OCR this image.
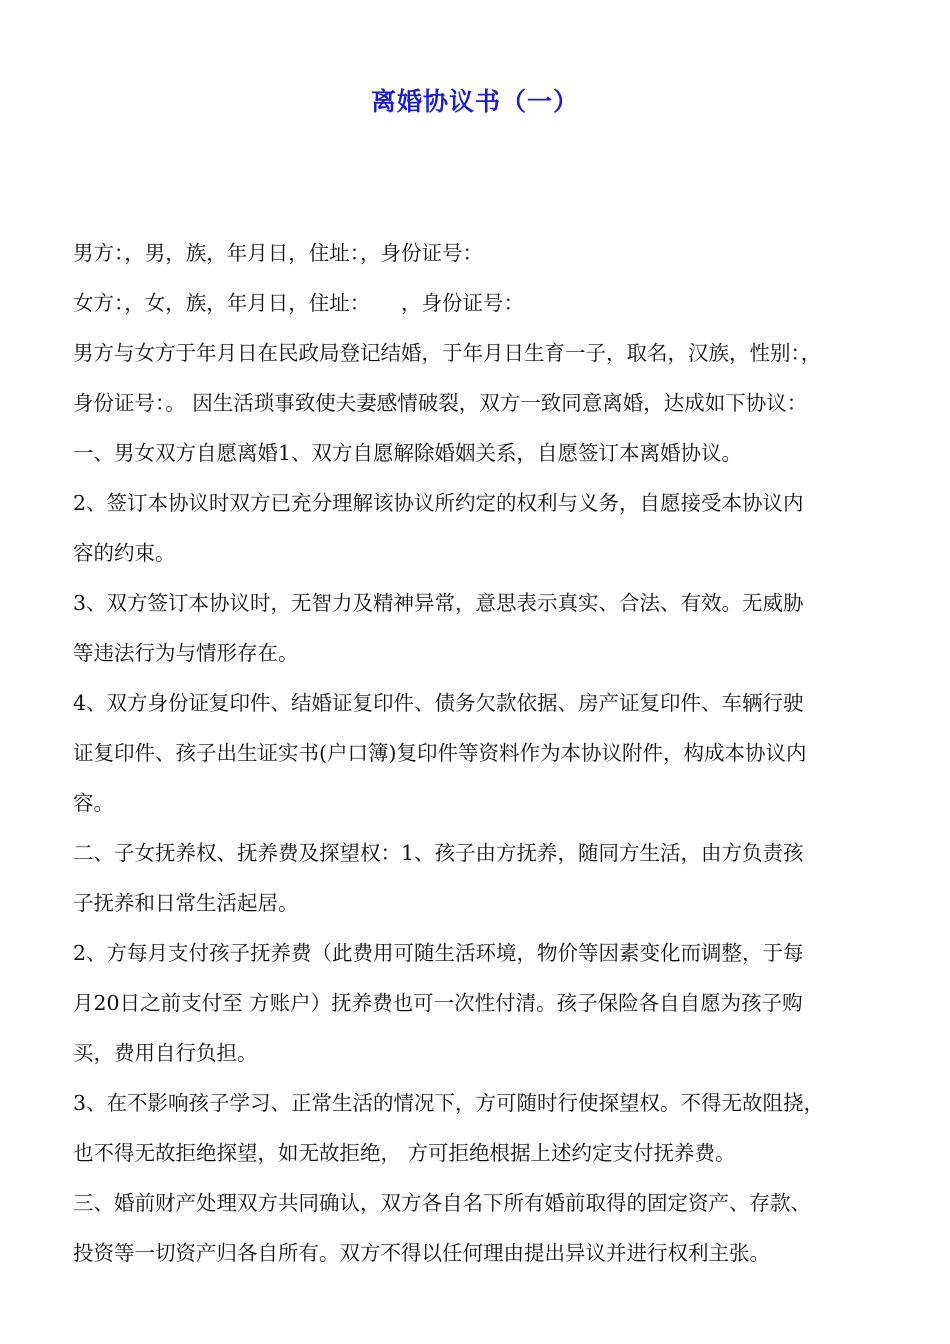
离婚协议书（一）

男方：，男，族，年月日，住址：，身份证号：

女方：，女，族，年月日，住址：　　，身份证号：

男方与女方于年月日在民政局登记结婚，于年月日生育一子，取名，汉族，性别：，

身份证号：。 因生活琐事致使夫妻感情破裂，双方一致同意离婚，达成如下协议：

一、男女双方自愿离婚1、双方自愿解除婚姻关系，自愿签订本离婚协议。

2、签订本协议时双方已充分理解该协议所约定的权利与义务，自愿接受本协议内

容的约束。

3、双方签订本协议时，无智力及精神异常，意思表示真实、合法、有效。无威胁

等违法行为与情形存在。

4、双方身份证复印件、结婚证复印件、债务欠款依据、房产证复印件、车辆行驶

证复印件、孩子出生证实书(户口簿)复印件等资料作为本协议附件，构成本协议内

容。

二、子女抚养权、抚养费及探望权：1、孩子由方抚养，随同方生活，由方负责孩

子抚养和日常生活起居。

2、方每月支付孩子抚养费（此费用可随生活环境，物价等因素变化而调整，于每

月20日之前支付至 方账户）抚养费也可一次性付清。孩子保险各自自愿为孩子购

买，费用自行负担。

3、在不影响孩子学习、正常生活的情况下，方可随时行使探望权。不得无故阻挠，

也不得无故拒绝探望，如无故拒绝， 方可拒绝根据上述约定支付抚养费。

三、婚前财产处理双方共同确认，双方各自名下所有婚前取得的固定资产、存款、

投资等一切资产归各自所有。双方不得以任何理由提出异议并进行权利主张。
